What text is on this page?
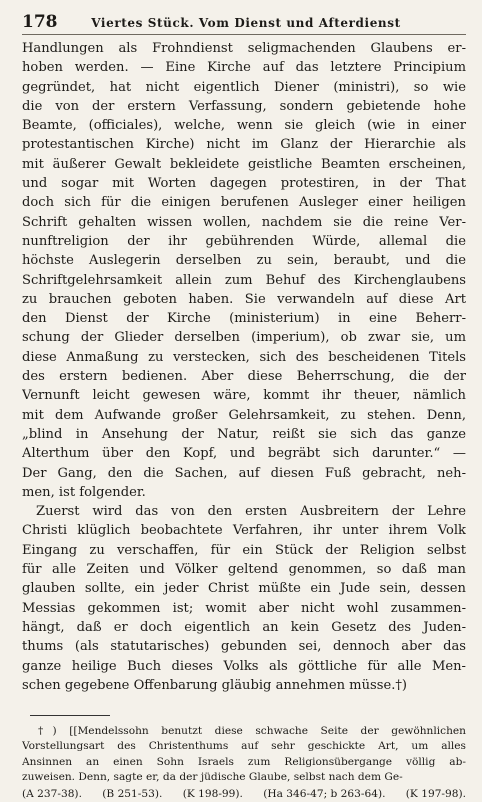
178	Viertes Stück. Vom Dienst und Afterdienst
Handlungen als Frohndienst seligmachenden Glaubens er-
hoben werden. — Eine Kirche auf das letztere Principium
gegründet, hat nicht eigentlich Diener (ministri), so wie
die von der erstern Verfassung, sondern gebietende hohe
Beamte, (officiales), welche, wenn sie gleich (wie in einer
protestantischen Kirche) nicht im Glanz der Hierarchie als
mit äußerer Gewalt bekleidete geistliche Beamten erscheinen,
und sogar mit Worten dagegen protestiren, in der That
doch sich für die einigen berufenen Ausleger einer heiligen
Schrift gehalten wissen wollen, nachdem sie die reine Ver-
nunftreligion der ihr gebührenden Würde, allemal die
höchste Auslegerin derselben zu sein, beraubt, und die
Schriftgelehrsamkeit allein zum Behuf des Kirchenglaubens
zu brauchen geboten haben. Sie verwandeln auf diese Art
den Dienst der Kirche (ministerium) in eine Beherr-
schung der Glieder derselben (imperium), ob zwar sie, um
diese Anmaßung zu verstecken, sich des bescheidenen Titels
des erstern bedienen. Aber diese Beherrschung, die der
Vernunft leicht gewesen wäre, kommt ihr theuer, nämlich
mit dem Aufwande großer Gelehrsamkeit, zu stehen. Denn,
„blind in Ansehung der Natur, reißt sie sich das ganze
Alterthum über den Kopf, und begräbt sich darunter.“ —
Der Gang, den die Sachen, auf diesen Fuß gebracht, neh-
men, ist folgender.
Zuerst wird das von den ersten Ausbreitern der Lehre
Christi klüglich beobachtete Verfahren, ihr unter ihrem Volk
Eingang zu verschaffen, für ein Stück der Religion selbst
für alle Zeiten und Völker geltend genommen, so daß man
glauben sollte, ein jeder Christ müßte ein Jude sein, dessen
Messias gekommen ist; womit aber nicht wohl zusammen-
hängt, daß er doch eigentlich an kein Gesetz des Juden-
thums (als statutarisches) gebunden sei, dennoch aber das
ganze heilige Buch dieses Volks als göttliche für alle Men-
schen gegebene Offenbarung gläubig annehmen müsse.†)
†) [[Mendelssohn benutzt diese schwache Seite der gewöhnlichen
Vorstellungsart des Christenthums auf sehr geschickte Art, um alles
Ansinnen an einen Sohn Israels zum Religionsübergange völlig ab-
zuweisen. Denn, sagte er, da der jüdische Glaube, selbst nach dem Ge-
(A 237-38). (B 251-53). (K 198-99). (Ha 346-47; b 263-64). (K 197-98).
